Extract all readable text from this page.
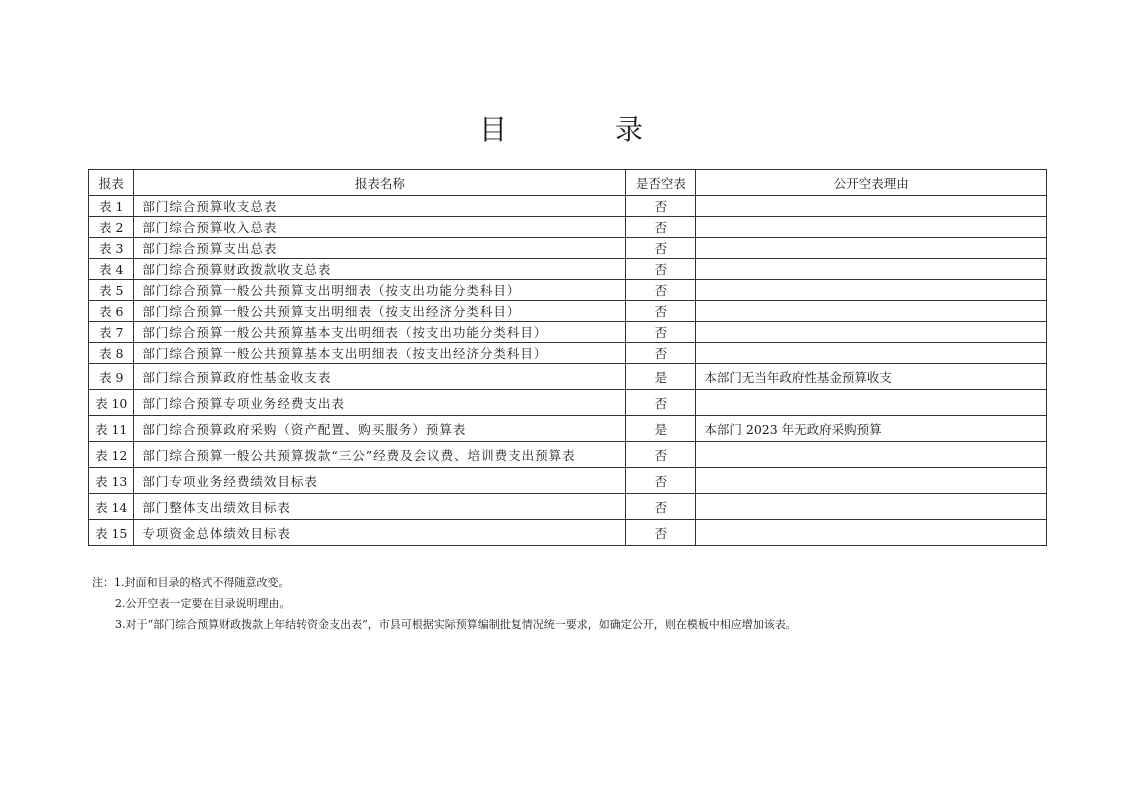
目　录
报表	报表名称	是否空表	公开空表理由
表 1	部门综合预算收支总表	否	
表 2	部门综合预算收入总表	否	
表 3	部门综合预算支出总表	否	
表 4	部门综合预算财政拨款收支总表	否	
表 5	部门综合预算一般公共预算支出明细表（按支出功能分类科目）	否	
表 6	部门综合预算一般公共预算支出明细表（按支出经济分类科目）	否	
表 7	部门综合预算一般公共预算基本支出明细表（按支出功能分类科目）	否	
表 8	部门综合预算一般公共预算基本支出明细表（按支出经济分类科目）	否	
表 9	部门综合预算政府性基金收支表	是	本部门无当年政府性基金预算收支
表 10	部门综合预算专项业务经费支出表	否	
表 11	部门综合预算政府采购（资产配置、购买服务）预算表	是	本部门 2023 年无政府采购预算
表 12	部门综合预算一般公共预算拨款“三公”经费及会议费、培训费支出预算表	否	
表 13	部门专项业务经费绩效目标表	否	
表 14	部门整体支出绩效目标表	否	
表 15	专项资金总体绩效目标表	否	
注：1.封面和目录的格式不得随意改变。
2.公开空表一定要在目录说明理由。
3.对于“部门综合预算财政拨款上年结转资金支出表”，市县可根据实际预算编制批复情况统一要求，如确定公开，则在模板中相应增加该表。
